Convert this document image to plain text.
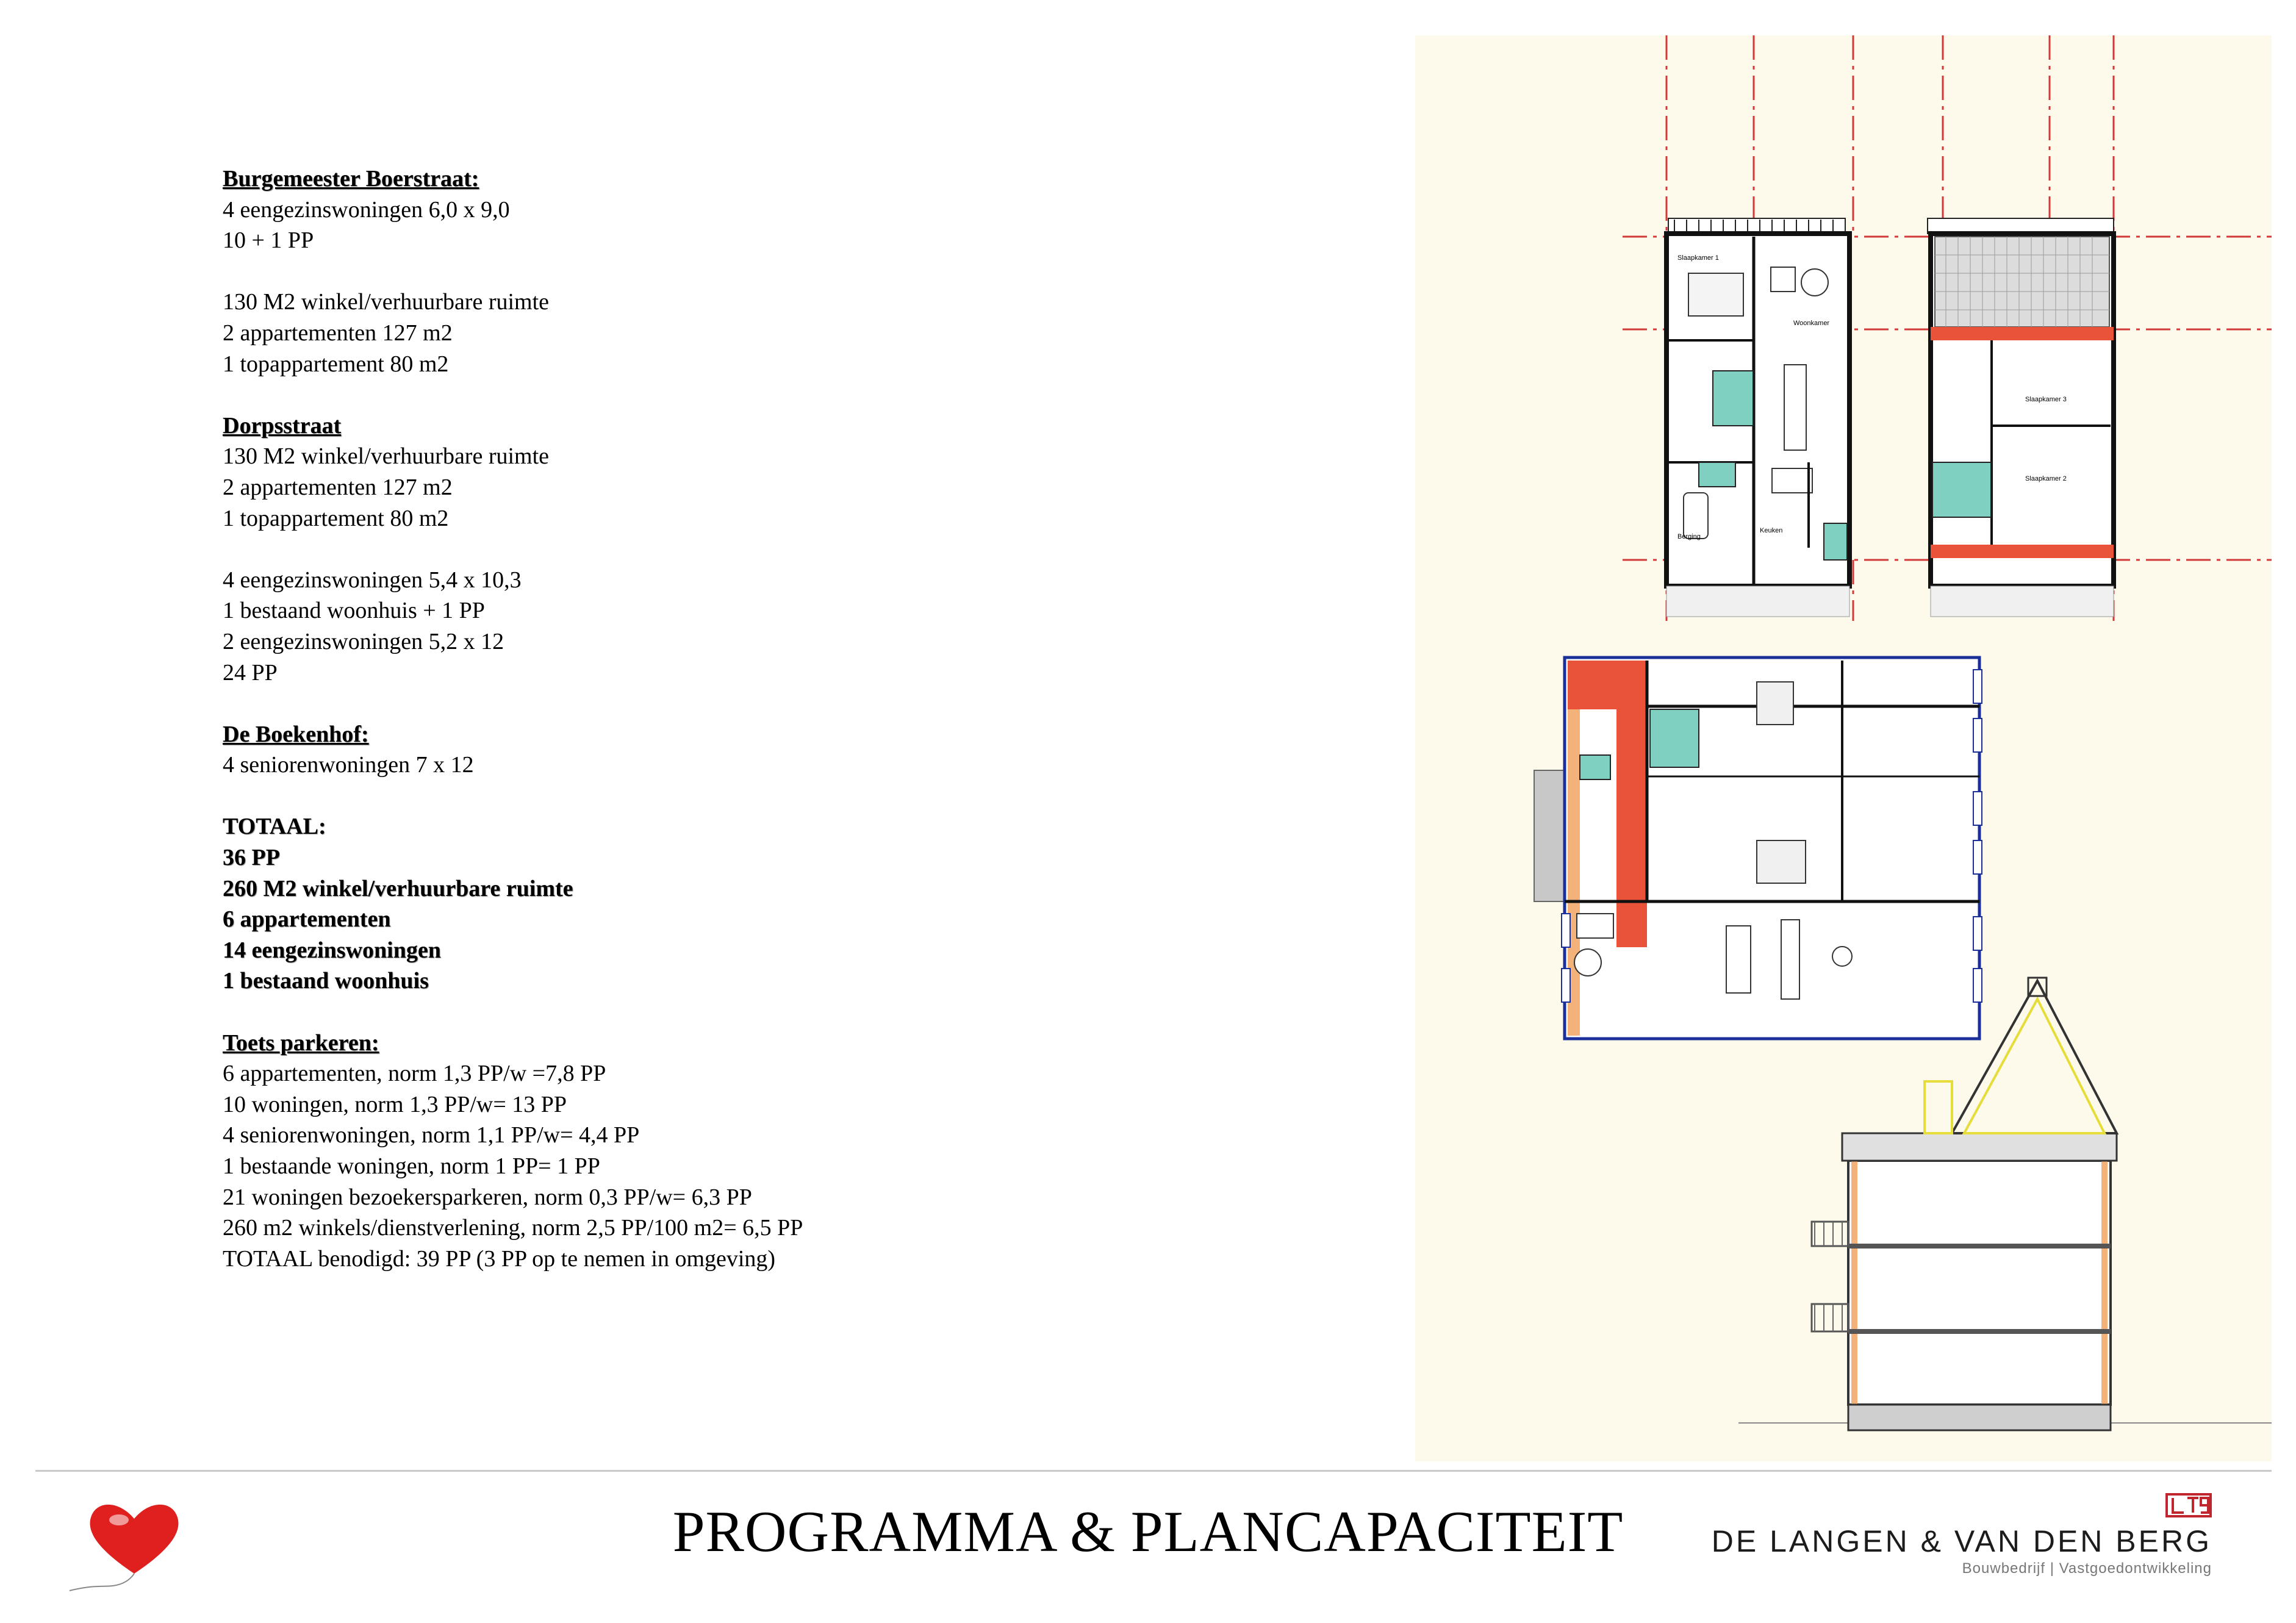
Burgemeester Boerstraat:
4 eengezinswoningen 6,0 x 9,0
10 + 1 PP
130 M2 winkel/verhuurbare ruimte
2 appartementen 127 m2
1 topappartement 80 m2
Dorpsstraat
130 M2 winkel/verhuurbare ruimte
2 appartementen 127 m2
1 topappartement 80 m2
4 eengezinswoningen 5,4 x 10,3
1 bestaand woonhuis + 1 PP
2 eengezinswoningen 5,2 x 12
24 PP
De Boekenhof:
4 seniorenwoningen 7 x 12
TOTAAL:
36 PP
260 M2 winkel/verhuurbare ruimte
6 appartementen
14 eengezinswoningen
1 bestaand woonhuis
Toets parkeren:
6 appartementen, norm 1,3 PP/w =7,8 PP
10 woningen, norm 1,3 PP/w= 13 PP
4 seniorenwoningen, norm 1,1 PP/w= 4,4 PP
1 bestaande woningen, norm 1 PP= 1 PP
21 woningen bezoekersparkeren, norm 0,3 PP/w= 6,3 PP
260 m2 winkels/dienstverlening, norm 2,5 PP/100 m2= 6,5 PP
TOTAAL benodigd: 39 PP (3 PP op te nemen in omgeving)
Slaapkamer 1
Woonkamer
Keuken
Berging
Slaapkamer 3
Slaapkamer 2
PROGRAMMA & PLANCAPACITEIT	DE LANGEN & VAN DEN BERG
Bouwbedrijf | Vastgoedontwikkeling
